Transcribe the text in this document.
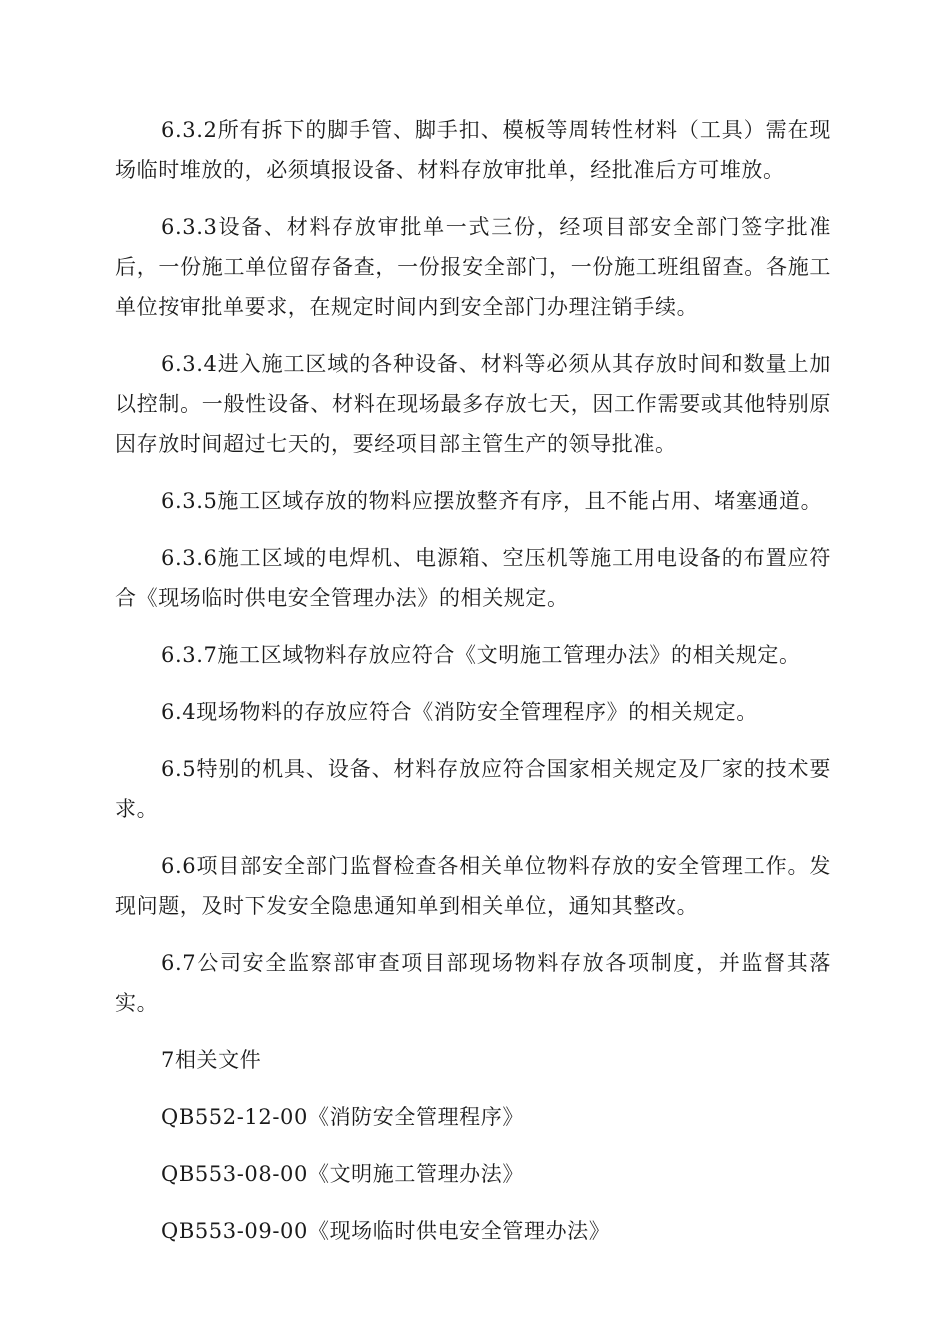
6.3.2所有拆下的脚手管、脚手扣、模板等周转性材料（工具）需在现场临时堆放的，必须填报设备、材料存放审批单，经批准后方可堆放。

6.3.3设备、材料存放审批单一式三份，经项目部安全部门签字批准后，一份施工单位留存备查，一份报安全部门，一份施工班组留查。各施工单位按审批单要求，在规定时间内到安全部门办理注销手续。

6.3.4进入施工区域的各种设备、材料等必须从其存放时间和数量上加以控制。一般性设备、材料在现场最多存放七天，因工作需要或其他特别原因存放时间超过七天的，要经项目部主管生产的领导批准。

6.3.5施工区域存放的物料应摆放整齐有序，且不能占用、堵塞通道。

6.3.6施工区域的电焊机、电源箱、空压机等施工用电设备的布置应符合《现场临时供电安全管理办法》的相关规定。

6.3.7施工区域物料存放应符合《文明施工管理办法》的相关规定。

6.4现场物料的存放应符合《消防安全管理程序》的相关规定。

6.5特别的机具、设备、材料存放应符合国家相关规定及厂家的技术要求。

6.6项目部安全部门监督检查各相关单位物料存放的安全管理工作。发现问题，及时下发安全隐患通知单到相关单位，通知其整改。

6.7公司安全监察部审查项目部现场物料存放各项制度，并监督其落实。

7相关文件

QB552-12-00《消防安全管理程序》

QB553-08-00《文明施工管理办法》

QB553-09-00《现场临时供电安全管理办法》
